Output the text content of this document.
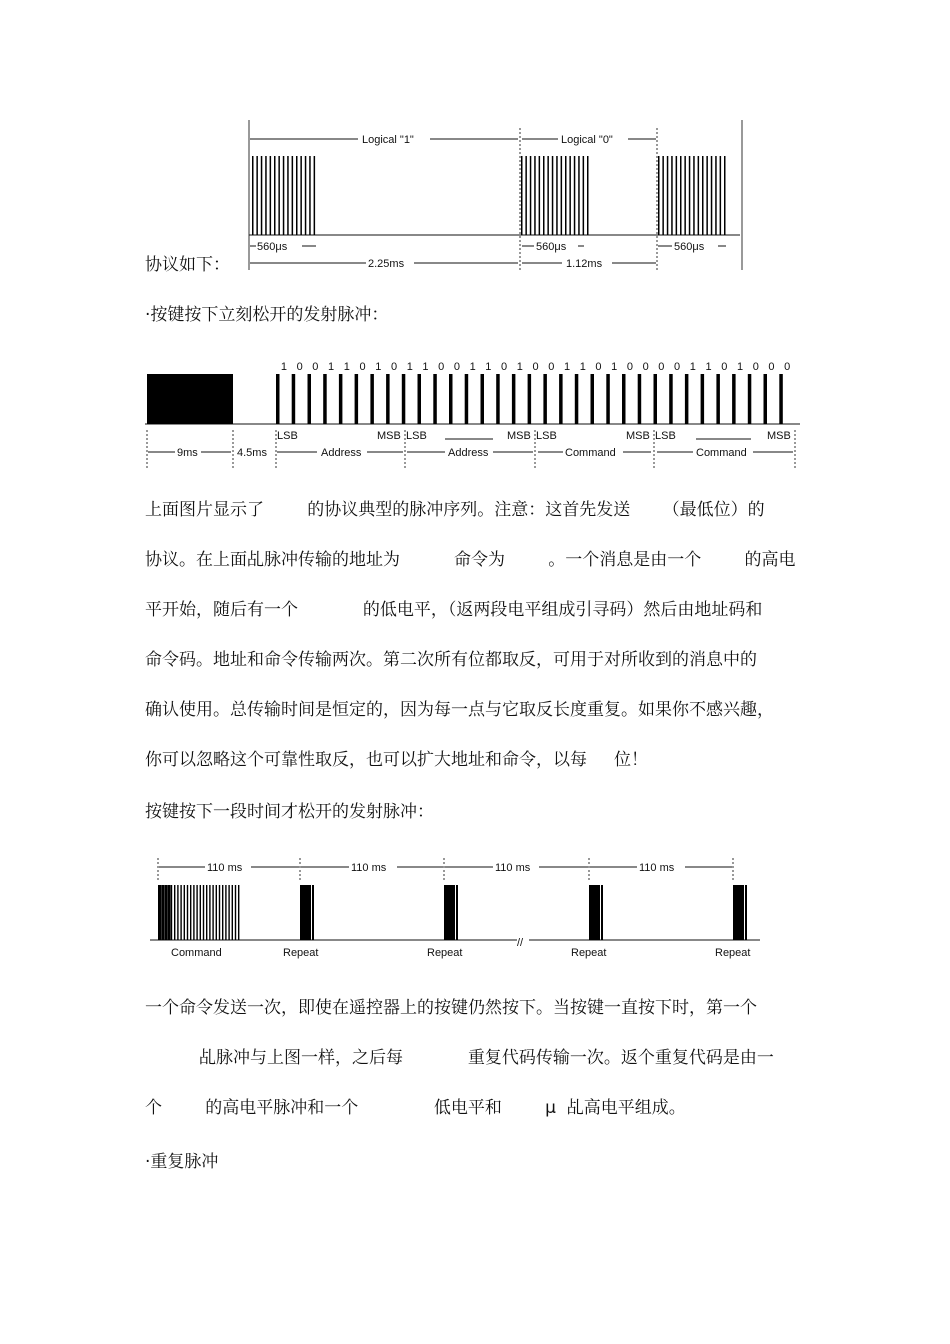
协议如下：
Logical "1"	Logical "0"
560μs	560μs	560μs
2.25ms	1.12ms
·按键按下立刻松开的发射脉冲：
1 0 0 1 1 0 1 0 1 1 0 0 1 1 0 1 0 0 1 1 0 1 0 0 0 0 1 1 0 1 0 0 0
LSB	MSB LSB	MSB LSB	MSB LSB	MSB
9ms	4.5ms	Address	Address	Command	Command
上面图片显示了        的协议典型的脉冲序列。注意：这首先发送      （最低位）的
协议。在上面乩脉冲传输的地址为          命令为        。一个消息是由一个        的高电
平开始，随后有一个            的低电平，（返两段电平组成引寻码）然后由地址码和
命令码。地址和命令传输两次。第二次所有位都取反，可用于对所收到的消息中的
确认使用。总传输时间是恒定的，因为每一点与它取反长度重复。如果你不感兴趣，
你可以忽略这个可靠性取反，也可以扩大地址和命令，以每     位！
按键按下一段时间才松开的发射脉冲：
//
110 ms	110 ms	110 ms	110 ms
Command	Repeat	Repeat	Repeat	Repeat
一个命令发送一次，即使在遥控器上的按键仍然按下。当按键一直按下时，第一个
乩脉冲与上图一样，之后每            重复代码传输一次。返个重复代码是由一
个        的高电平脉冲和一个              低电平和        μ  乩高电平组成。
·重复脉冲
